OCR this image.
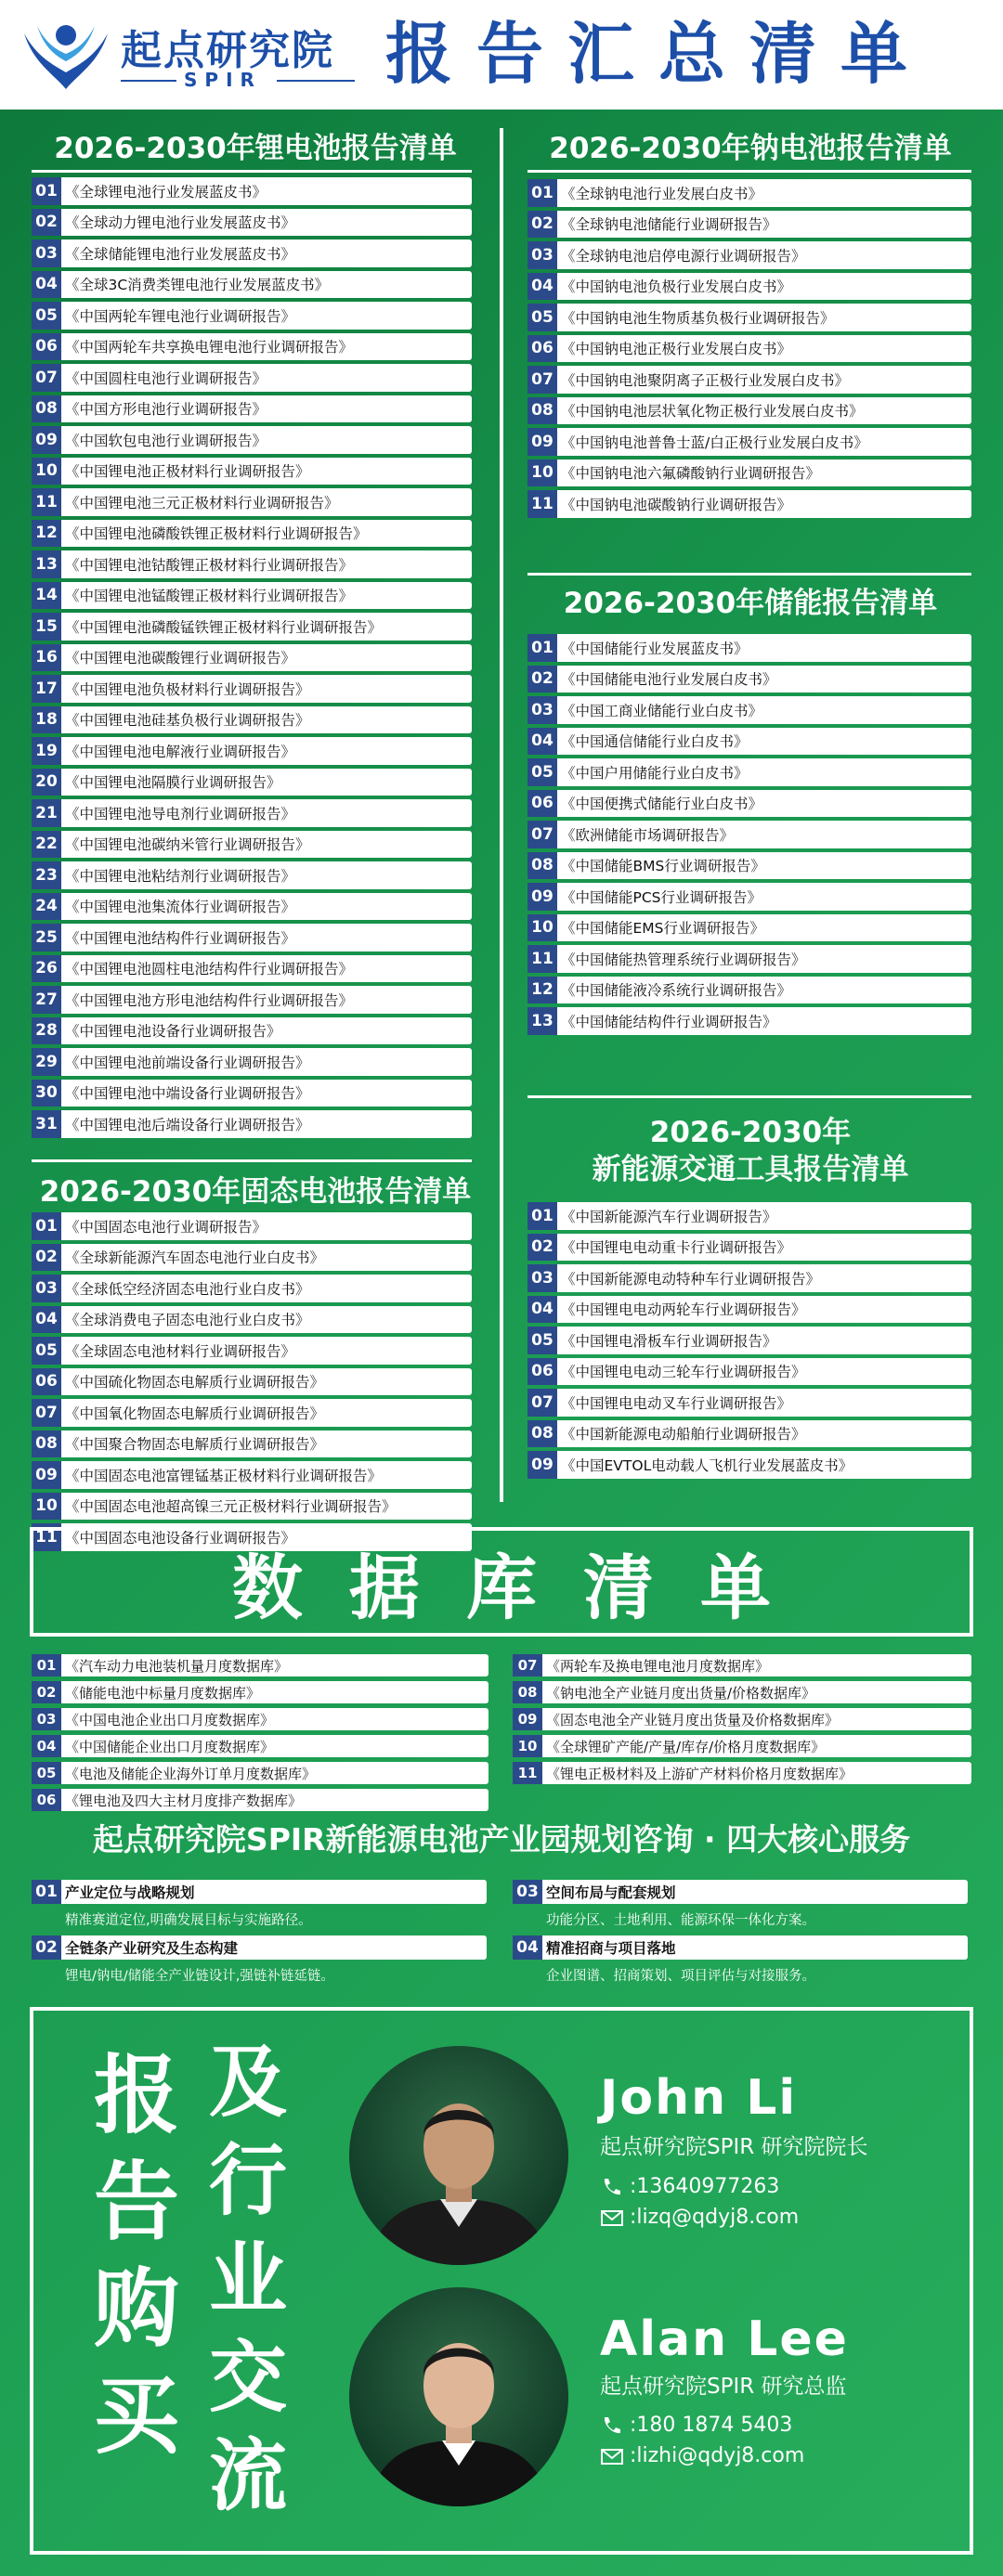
起点研究院
SPIR 报告汇总清单
2026-2030年锂电池报告清单
01 《全球锂电池行业发展蓝皮书》
02 《全球动力锂电池行业发展蓝皮书》
03 《全球储能锂电池行业发展蓝皮书》
04 《全球3C消费类锂电池行业发展蓝皮书》
05 《中国两轮车锂电池行业调研报告》
06 《中国两轮车共享换电锂电池行业调研报告》
07 《中国圆柱电池行业调研报告》
08 《中国方形电池行业调研报告》
09 《中国软包电池行业调研报告》
10 《中国锂电池正极材料行业调研报告》
11 《中国锂电池三元正极材料行业调研报告》
12 《中国锂电池磷酸铁锂正极材料行业调研报告》
13 《中国锂电池钴酸锂正极材料行业调研报告》
14 《中国锂电池锰酸锂正极材料行业调研报告》
15 《中国锂电池磷酸锰铁锂正极材料行业调研报告》
16 《中国锂电池碳酸锂行业调研报告》
17 《中国锂电池负极材料行业调研报告》
18 《中国锂电池硅基负极行业调研报告》
19 《中国锂电池电解液行业调研报告》
20 《中国锂电池隔膜行业调研报告》
21 《中国锂电池导电剂行业调研报告》
22 《中国锂电池碳纳米管行业调研报告》
23 《中国锂电池粘结剂行业调研报告》
24 《中国锂电池集流体行业调研报告》
25 《中国锂电池结构件行业调研报告》
26 《中国锂电池圆柱电池结构件行业调研报告》
27 《中国锂电池方形电池结构件行业调研报告》
28 《中国锂电池设备行业调研报告》
29 《中国锂电池前端设备行业调研报告》
30 《中国锂电池中端设备行业调研报告》
31 《中国锂电池后端设备行业调研报告》
2026-2030年固态电池报告清单
01 《中国固态电池行业调研报告》
02 《全球新能源汽车固态电池行业白皮书》
03 《全球低空经济固态电池行业白皮书》
04 《全球消费电子固态电池行业白皮书》
05 《全球固态电池材料行业调研报告》
06 《中国硫化物固态电解质行业调研报告》
07 《中国氧化物固态电解质行业调研报告》
08 《中国聚合物固态电解质行业调研报告》
09 《中国固态电池富锂锰基正极材料行业调研报告》
10 《中国固态电池超高镍三元正极材料行业调研报告》
11 《中国固态电池设备行业调研报告》
2026-2030年钠电池报告清单
01 《全球钠电池行业发展白皮书》
02 《全球钠电池储能行业调研报告》
03 《全球钠电池启停电源行业调研报告》
04 《中国钠电池负极行业发展白皮书》
05 《中国钠电池生物质基负极行业调研报告》
06 《中国钠电池正极行业发展白皮书》
07 《中国钠电池聚阴离子正极行业发展白皮书》
08 《中国钠电池层状氧化物正极行业发展白皮书》
09 《中国钠电池普鲁士蓝/白正极行业发展白皮书》
10 《中国钠电池六氟磷酸钠行业调研报告》
11 《中国钠电池碳酸钠行业调研报告》
2026-2030年储能报告清单
01 《中国储能行业发展蓝皮书》
02 《中国储能电池行业发展白皮书》
03 《中国工商业储能行业白皮书》
04 《中国通信储能行业白皮书》
05 《中国户用储能行业白皮书》
06 《中国便携式储能行业白皮书》
07 《欧洲储能市场调研报告》
08 《中国储能BMS行业调研报告》
09 《中国储能PCS行业调研报告》
10 《中国储能EMS行业调研报告》
11 《中国储能热管理系统行业调研报告》
12 《中国储能液冷系统行业调研报告》
13 《中国储能结构件行业调研报告》
2026-2030年
新能源交通工具报告清单
01 《中国新能源汽车行业调研报告》
02 《中国锂电电动重卡行业调研报告》
03 《中国新能源电动特种车行业调研报告》
04 《中国锂电电动两轮车行业调研报告》
05 《中国锂电滑板车行业调研报告》
06 《中国锂电电动三轮车行业调研报告》
07 《中国锂电电动叉车行业调研报告》
08 《中国新能源电动船舶行业调研报告》
09 《中国EVTOL电动载人飞机行业发展蓝皮书》
数据库清单
01 《汽车动力电池装机量月度数据库》
02 《储能电池中标量月度数据库》
03 《中国电池企业出口月度数据库》
04 《中国储能企业出口月度数据库》
05 《电池及储能企业海外订单月度数据库》
06 《锂电池及四大主材月度排产数据库》
07 《两轮车及换电锂电池月度数据库》
08 《钠电池全产业链月度出货量/价格数据库》
09 《固态电池全产业链月度出货量及价格数据库》
10 《全球锂矿产能/产量/库存/价格月度数据库》
11 《锂电正极材料及上游矿产材料价格月度数据库》
起点研究院SPIR新能源电池产业园规划咨询 · 四大核心服务
01 产业定位与战略规划
精准赛道定位,明确发展目标与实施路径。
02 全链条产业研究及生态构建
锂电/钠电/储能全产业链设计,强链补链延链。
03 空间布局与配套规划
功能分区、土地利用、能源环保一体化方案。
04 精准招商与项目落地
企业图谱、招商策划、项目评估与对接服务。
报
告
购
买
及
行
业
交
流
John Li
起点研究院SPIR 研究院院长
:13640977263
:lizq@qdyj8.com
Alan Lee
起点研究院SPIR 研究总监
:180 1874 5403
:lizhi@qdyj8.com
